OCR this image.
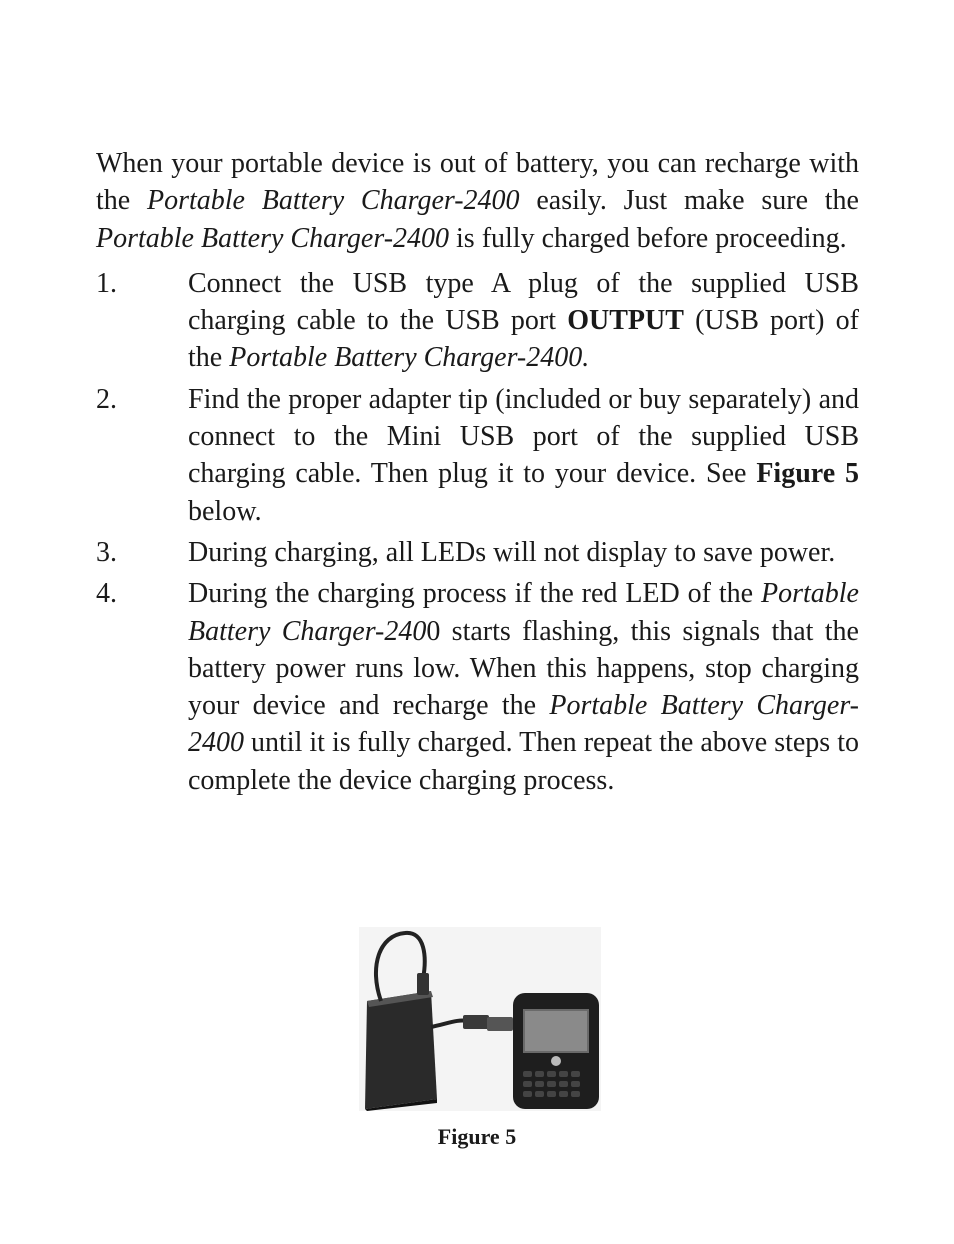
When your portable device is out of battery, you can recharge with the Portable Battery Charger-2400 easily. Just make sure the Portable Battery Charger-2400 is fully charged before proceeding.

1.	Connect the USB type A plug of the supplied USB charging cable to the USB port OUTPUT (USB port) of the Portable Battery Charger-2400.
2.	Find the proper adapter tip (included or buy separately) and connect to the Mini USB port of the supplied USB charging cable. Then plug it to your device. See Figure 5 below.
3.	During charging, all LEDs will not display to save power.
4.	During the charging process if the red LED of the Portable Battery Charger-2400 starts flashing, this signals that the battery power runs low. When this happens, stop charging your device and recharge the Portable Battery Charger-2400 until it is fully charged. Then repeat the above steps to complete the device charging process.
Figure 5
